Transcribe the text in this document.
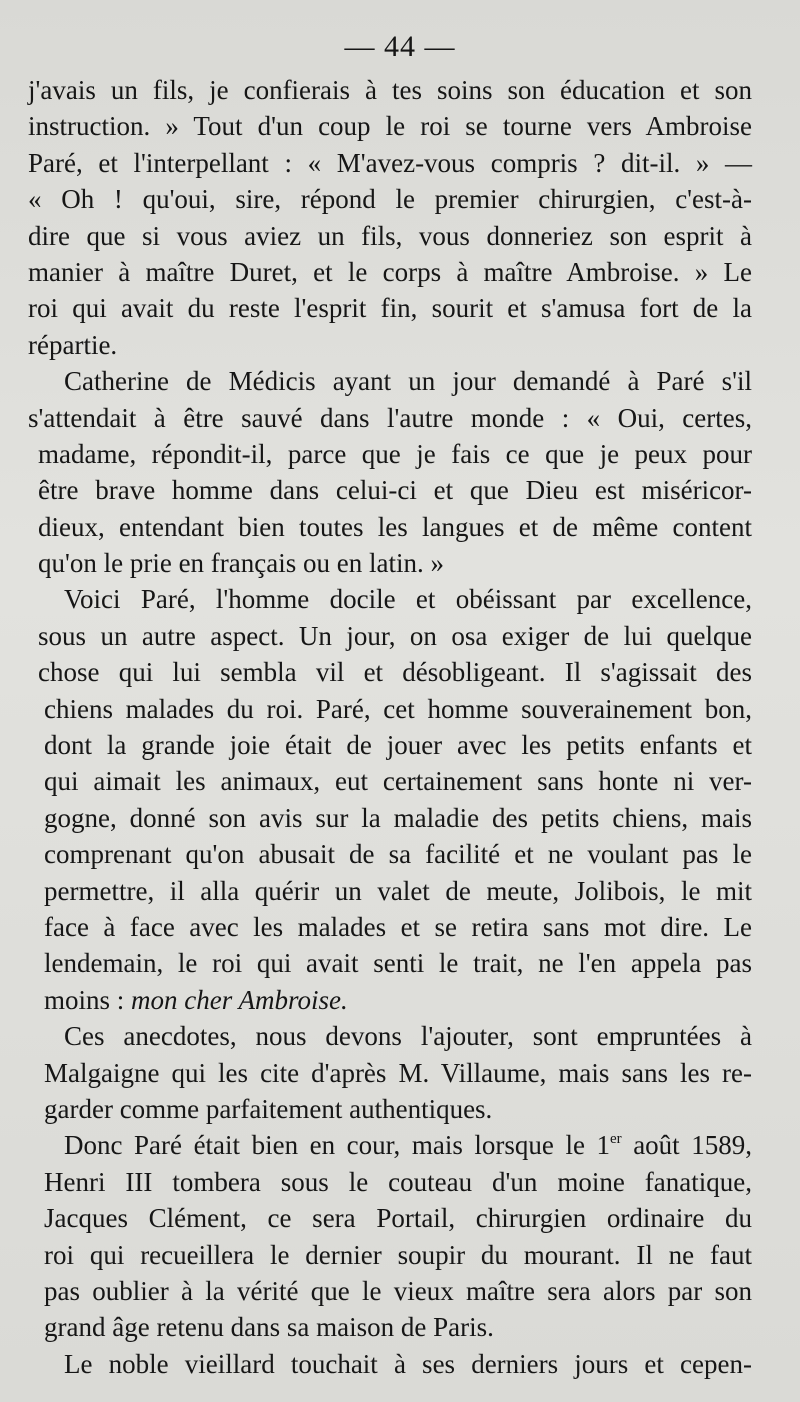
— 44 —
j'avais un fils, je confierais à tes soins son éducation et son
instruction. » Tout d'un coup le roi se tourne vers Ambroise
Paré, et l'interpellant : « M'avez-vous compris ? dit-il. » —
« Oh ! qu'oui, sire, répond le premier chirurgien, c'est-à-
dire que si vous aviez un fils, vous donneriez son esprit à
manier à maître Duret, et le corps à maître Ambroise. » Le
roi qui avait du reste l'esprit fin, sourit et s'amusa fort de la
répartie.
Catherine de Médicis ayant un jour demandé à Paré s'il
s'attendait à être sauvé dans l'autre monde : « Oui, certes,
madame, répondit-il, parce que je fais ce que je peux pour
être brave homme dans celui-ci et que Dieu est miséricor-
dieux, entendant bien toutes les langues et de même content
qu'on le prie en français ou en latin. »
Voici Paré, l'homme docile et obéissant par excellence,
sous un autre aspect. Un jour, on osa exiger de lui quelque
chose qui lui sembla vil et désobligeant. Il s'agissait des
chiens malades du roi. Paré, cet homme souverainement bon,
dont la grande joie était de jouer avec les petits enfants et
qui aimait les animaux, eut certainement sans honte ni ver-
gogne, donné son avis sur la maladie des petits chiens, mais
comprenant qu'on abusait de sa facilité et ne voulant pas le
permettre, il alla quérir un valet de meute, Jolibois, le mit
face à face avec les malades et se retira sans mot dire. Le
lendemain, le roi qui avait senti le trait, ne l'en appela pas
moins : mon cher Ambroise.
Ces anecdotes, nous devons l'ajouter, sont empruntées à
Malgaigne qui les cite d'après M. Villaume, mais sans les re-
garder comme parfaitement authentiques.
Donc Paré était bien en cour, mais lorsque le 1er août 1589,
Henri III tombera sous le couteau d'un moine fanatique,
Jacques Clément, ce sera Portail, chirurgien ordinaire du
roi qui recueillera le dernier soupir du mourant. Il ne faut
pas oublier à la vérité que le vieux maître sera alors par son
grand âge retenu dans sa maison de Paris.
Le noble vieillard touchait à ses derniers jours et cepen-
